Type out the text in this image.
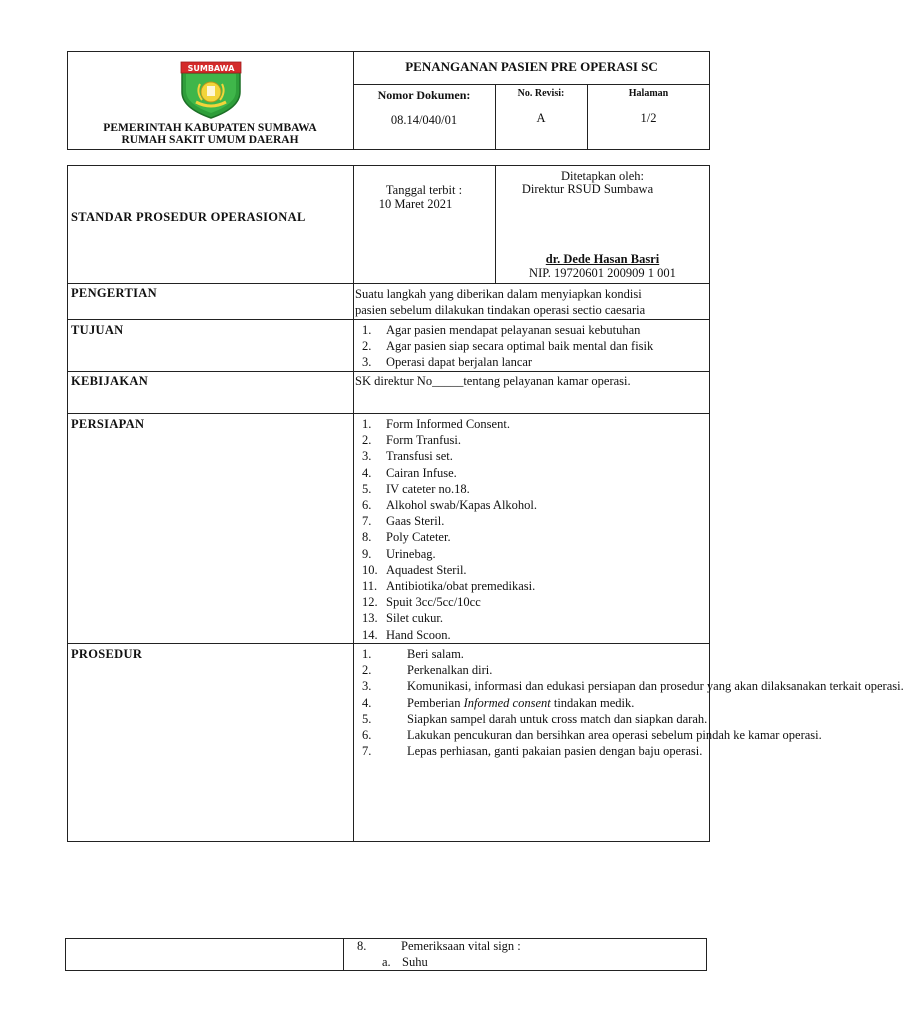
SUMBAWA
PEMERINTAH KABUPATEN SUMBAWA
RUMAH SAKIT UMUM DAERAH
PENANGANAN PASIEN PRE OPERASI SC
Nomor Dokumen:
08.14/040/01
No. Revisi:
A
Halaman
1/2
STANDAR PROSEDUR OPERASIONAL
Tanggal terbit :
10 Maret 2021
Ditetapkan oleh:
Direktur RSUD Sumbawa
dr. Dede Hasan Basri
NIP. 19720601 200909 1 001
PENGERTIAN	Suatu langkah yang diberikan dalam menyiapkan kondisi
pasien sebelum dilakukan tindakan operasi sectio caesaria
TUJUAN	1. Agar pasien mendapat pelayanan sesuai kebutuhan
2. Agar pasien siap secara optimal baik mental dan fisik
3. Operasi dapat berjalan lancar
KEBIJAKAN	SK direktur No_____tentang pelayanan kamar operasi.
PERSIAPAN	1. Form Informed Consent.
2. Form Tranfusi.
3. Transfusi set.
4. Cairan Infuse.
5. IV cateter no.18.
6. Alkohol swab/Kapas Alkohol.
7. Gaas Steril.
8. Poly Cateter.
9. Urinebag.
10. Aquadest Steril.
11. Antibiotika/obat premedikasi.
12. Spuit 3cc/5cc/10cc
13. Silet cukur.
14. Hand Scoon.
PROSEDUR	1.	Beri salam.
2.	Perkenalkan diri.
3.	Komunikasi, informasi dan edukasi persiapan dan prosedur yang akan dilaksanakan terkait operasi.
4.	Pemberian Informed consent tindakan medik.
5.	Siapkan sampel darah untuk cross match dan siapkan darah.
6.	Lakukan pencukuran dan bersihkan area operasi sebelum pindah ke kamar operasi.
7.	Lepas perhiasan, ganti pakaian pasien dengan baju operasi.
8.	Pemeriksaan vital sign :
a. Suhu
